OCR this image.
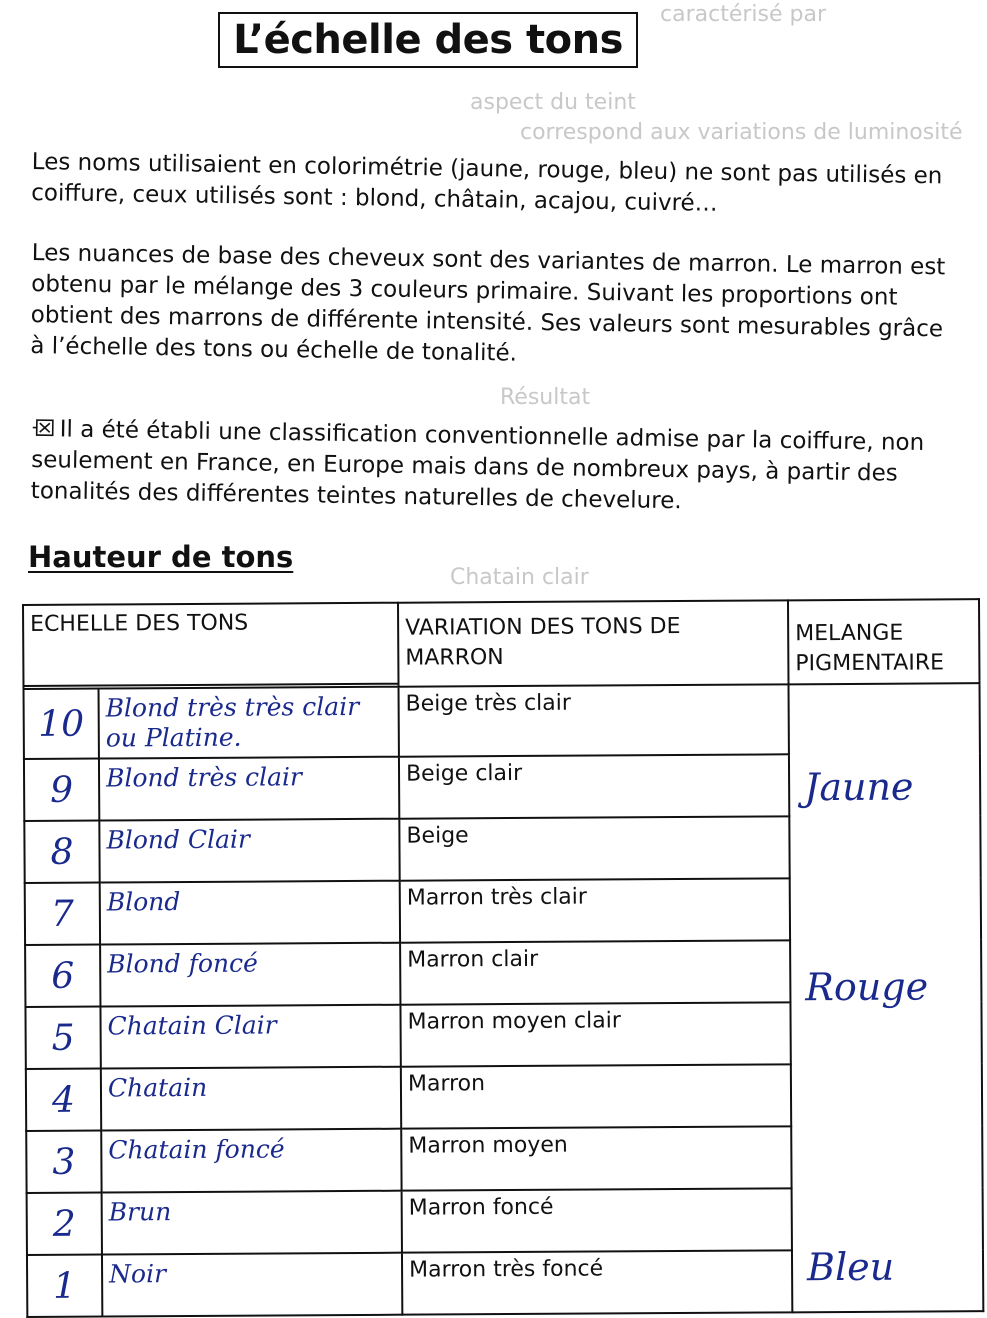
caractérisé par
aspect du teint
correspond aux variations de luminosité
Résultat
Chatain clair
L’échelle des tons
Les noms utilisaient en colorimétrie (jaune, rouge, bleu) ne sont pas utilisés en coiffure, ceux utilisés sont : blond, châtain, acajou, cuivré…
Les nuances de base des cheveux sont des variantes de marron. Le marron est obtenu par le mélange des 3 couleurs primaire. Suivant les proportions ont obtient des marrons de différente intensité. Ses valeurs sont mesurables grâce à l’échelle des tons ou échelle de tonalité.
Il a été établi une classification conventionnelle admise par la coiffure, non seulement en France, en Europe mais dans de nombreux pays, à partir des tonalités des différentes teintes naturelles de chevelure.
Hauteur de tons
ECHELLE DES TONS		VARIATION DES TONS DE MARRON	MELANGE PIGMENTAIRE

10	Blond très très clair ou Platine.	Beige très clair	Jaune
Rouge
Bleu

9	Blond très clair	Beige clair	
8	Blond Clair	Beige	
7	Blond	Marron très clair	
6	Blond foncé	Marron clair	
5	Chatain Clair	Marron moyen clair	
4	Chatain	Marron	
3	Chatain foncé	Marron moyen	
2	Brun	Marron foncé	
1	Noir	Marron très foncé	
